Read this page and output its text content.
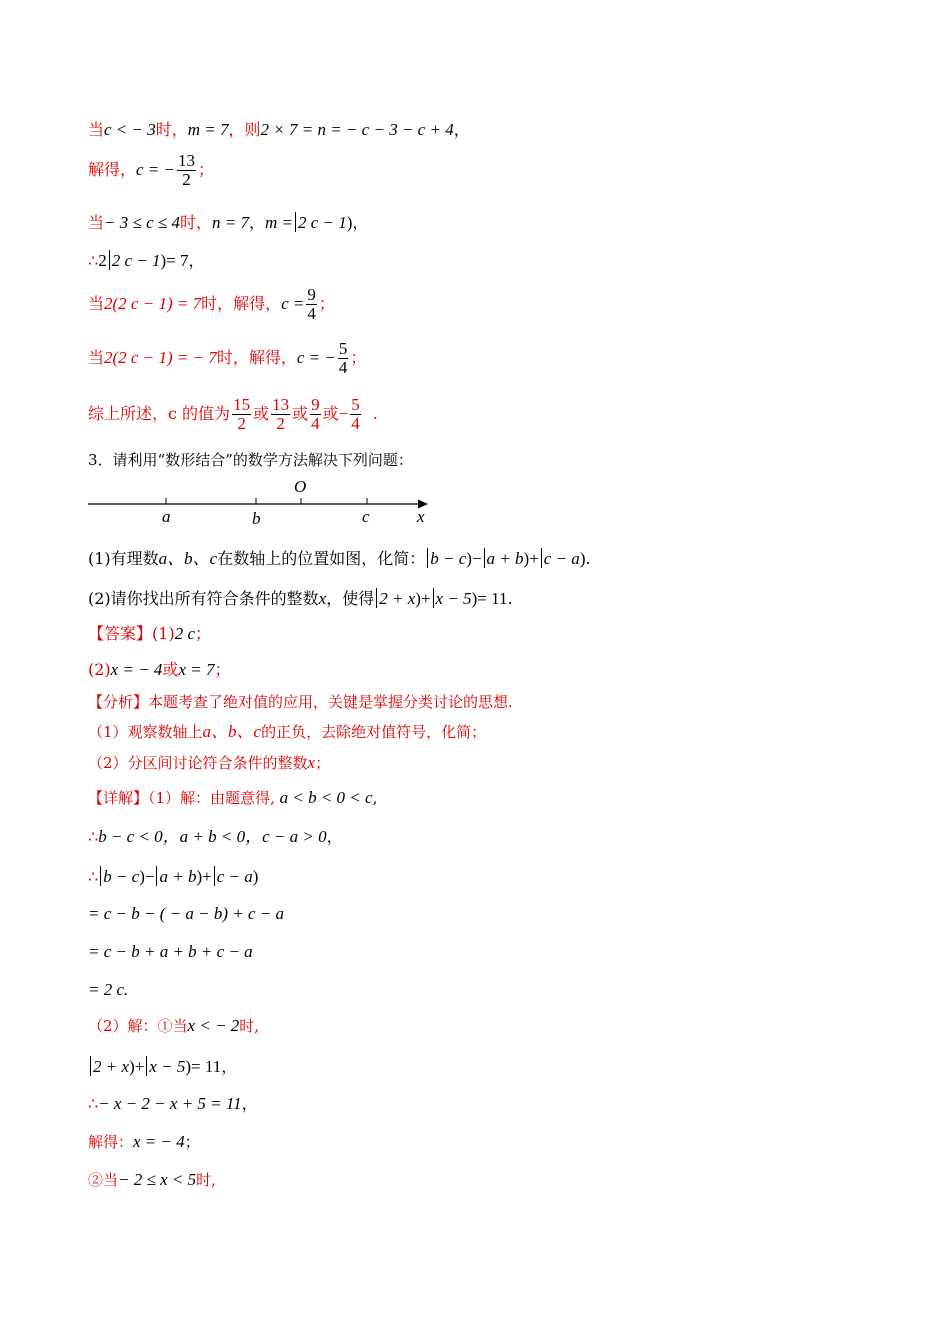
当c < − 3时，m = 7，则2 × 7 = n = − c − 3 − c + 4，
解得，c = − $\frac{13}{2}$ ；
当− 3 ≤ c ≤ 4时，n = 7，m = 2 c − 1)，
∴2 2 c − 1)= 7，
当2(2 c − 1) = 7时，解得，$c = \frac{9}{4}$ ；
当2(2 c − 1) = − 7时，解得，c = − $\frac{5}{4}$ ；
综上所述，c 的值为 $\frac{15}{2}$ 或 $\frac{13}{2}$ 或 $\frac{9}{4}$ 或− $\frac{5}{4}$ .
3．请利用“数形结合”的数学方法解决下列问题：
O
a	b	c	x
(1)有理数a、b、c在数轴上的位置如图，化简： b − c)− a + b)+ c − a).
(2)请你找出所有符合条件的整数x，使得 2 + x)+ x − 5)= 11.
【答案】(1)2 c；
(2)x = − 4或x = 7；
【分析】本题考查了绝对值的应用，关键是掌握分类讨论的思想.
（1）观察数轴上a、b、c的正负，去除绝对值符号，化简；
（2）分区间讨论符合条件的整数x；
【详解】（1）解：由题意得, a < b < 0 < c,
∴b − c < 0，a + b < 0，c − a > 0，
∴ b − c)− a + b)+ c − a)
= c − b − ( − a − b) + c − a
= c − b + a + b + c − a
= 2 c.
（2）解：①当x < − 2时,
2 + x)+ x − 5)= 11，
∴− x − 2 − x + 5 = 11，
解得：x = − 4；
②当− 2 ≤ x < 5时,
